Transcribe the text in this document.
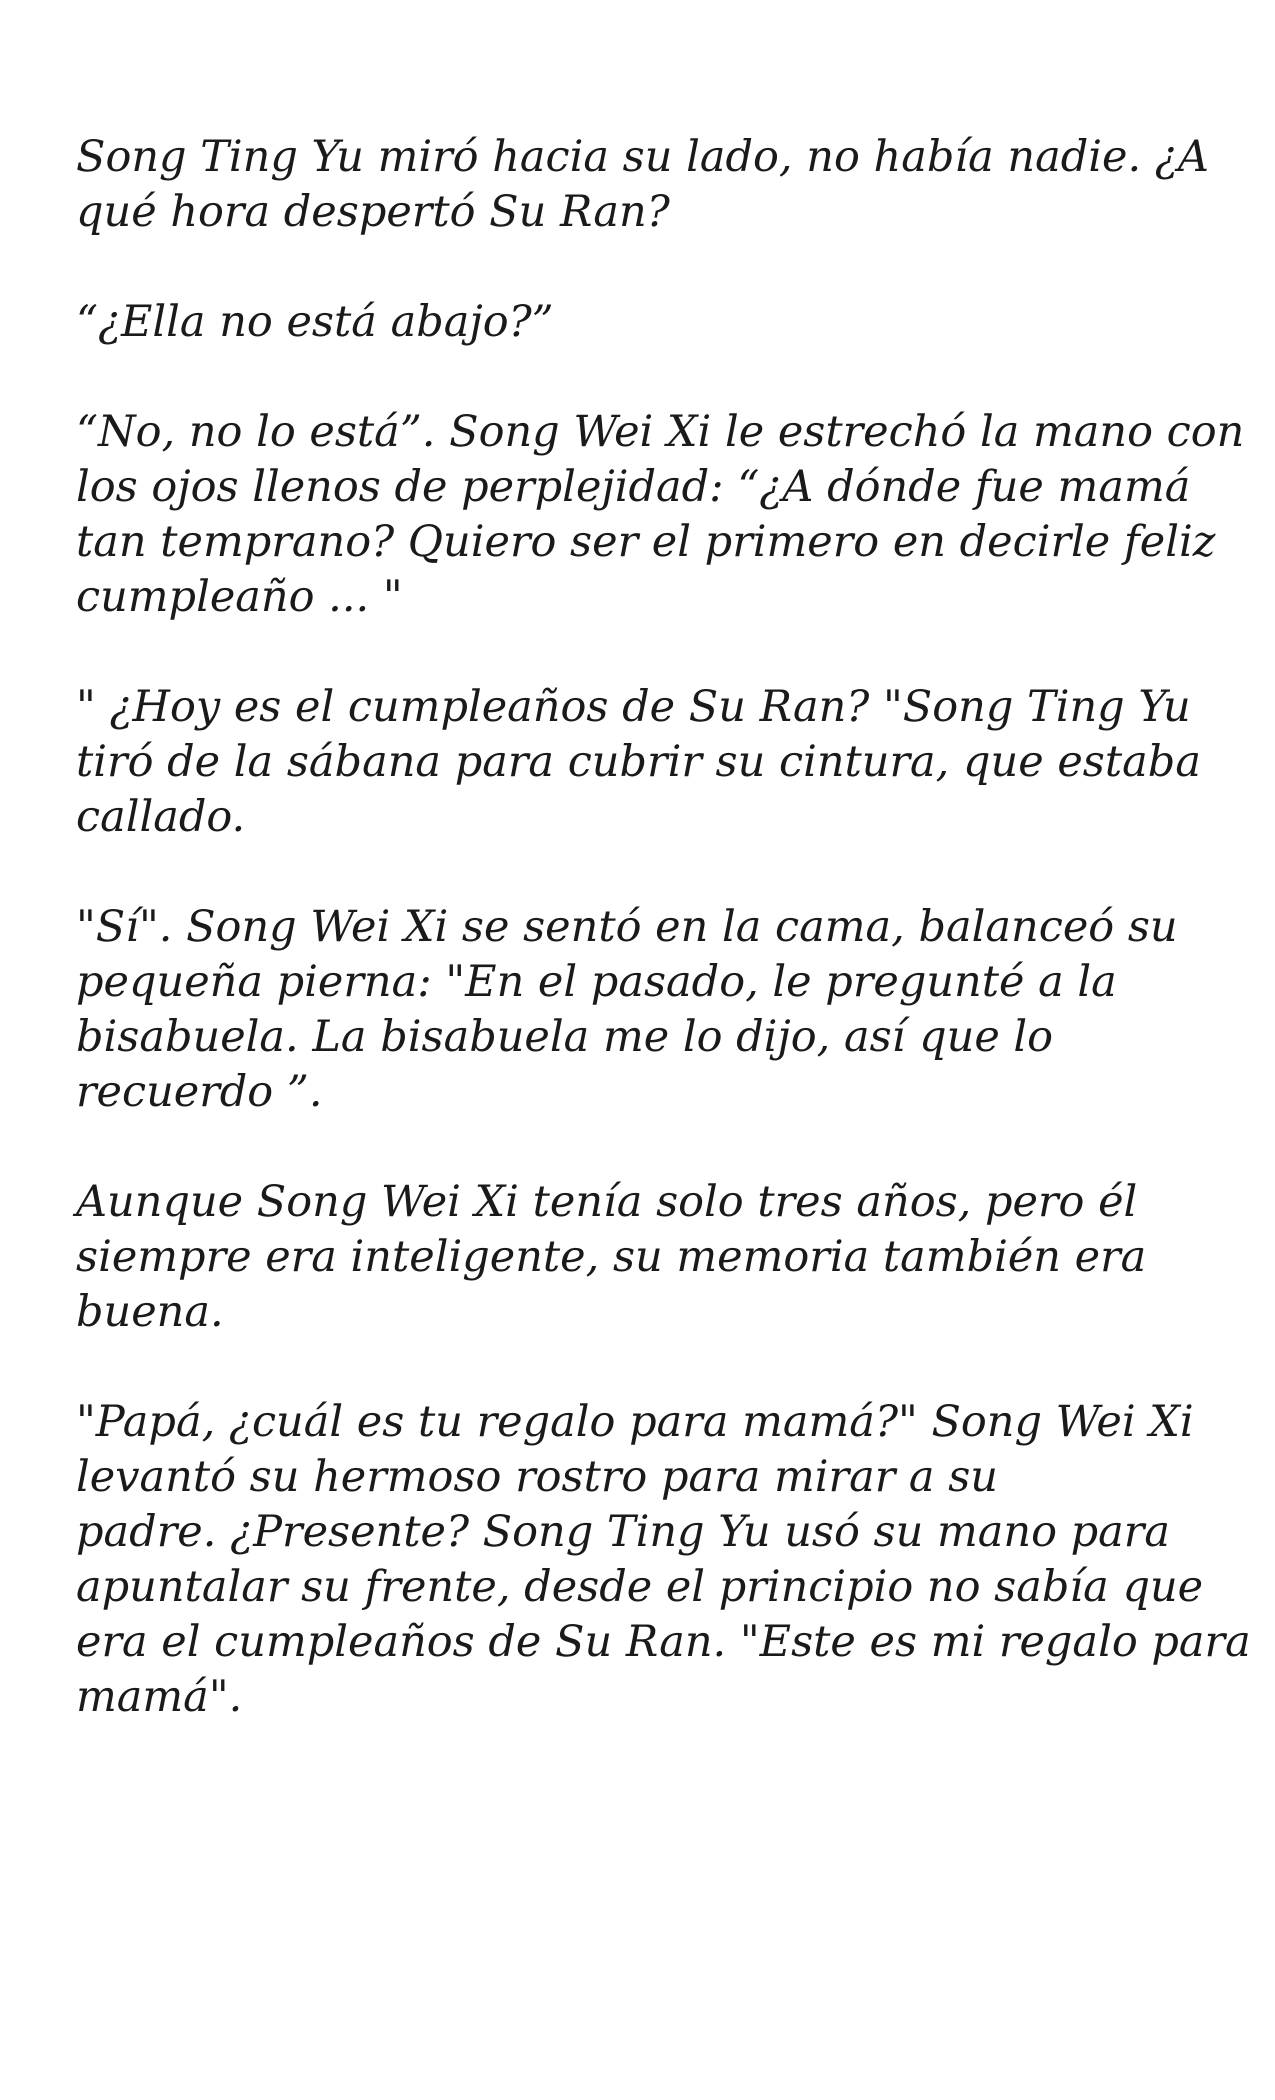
Song Ting Yu miró hacia su lado, no había nadie. ¿A
qué hora despertó Su Ran?

“¿Ella no está abajo?”

“No, no lo está”. Song Wei Xi le estrechó la mano con
los ojos llenos de perplejidad: “¿A dónde fue mamá
tan temprano? Quiero ser el primero en decirle feliz
cumpleaño ... "

" ¿Hoy es el cumpleaños de Su Ran? "Song Ting Yu
tiró de la sábana para cubrir su cintura, que estaba
callado.

"Sí". Song Wei Xi se sentó en la cama, balanceó su
pequeña pierna: "En el pasado, le pregunté a la
bisabuela. La bisabuela me lo dijo, así que lo
recuerdo ”.

Aunque Song Wei Xi tenía solo tres años, pero él
siempre era inteligente, su memoria también era
buena.

"Papá, ¿cuál es tu regalo para mamá?" Song Wei Xi
levantó su hermoso rostro para mirar a su
padre. ¿Presente? Song Ting Yu usó su mano para
apuntalar su frente, desde el principio no sabía que
era el cumpleaños de Su Ran. "Este es mi regalo para
mamá".
